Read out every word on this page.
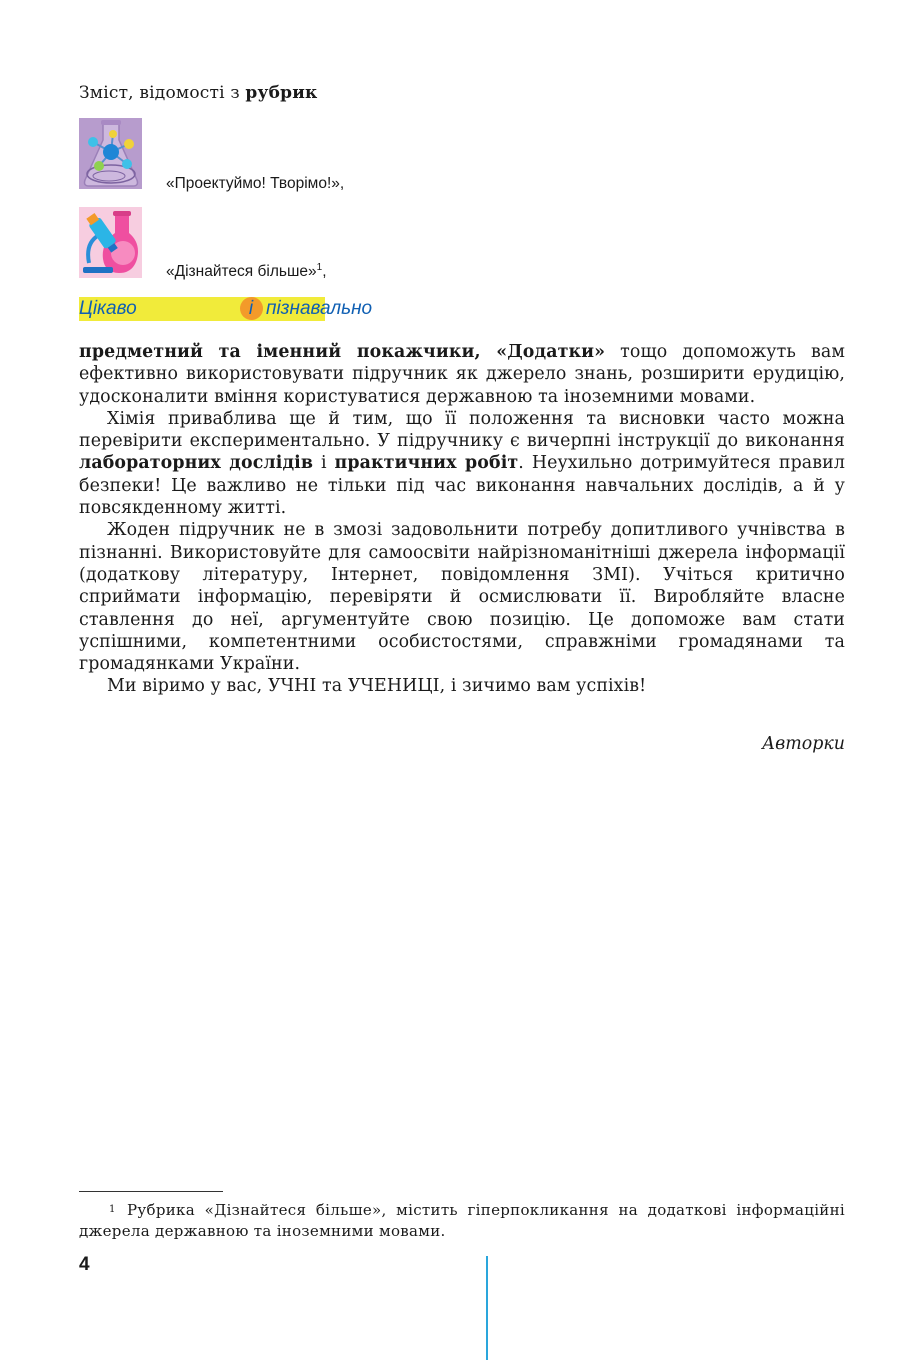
Зміст, відомості з рубрик
«Проектуймо! Творімо!»,
«Дізнайтеся більше»$^1$,
Цікаво	і пізнавально

предметний та іменний покажчики, «Додатки» тощо допоможуть вам ефективно використовувати підручник як джерело знань, розширити ерудицію, удосконалити вміння користуватися державною та іноземними мовами.

Хімія приваблива ще й тим, що її положення та висновки часто можна перевірити експериментально. У підручнику є вичерпні інструкції до виконання лабораторних дослідів і практичних робіт. Неухильно дотримуйтеся правил безпеки! Це важливо не тільки під час виконання навчальних дослідів, а й у повсякденному житті.

Жоден підручник не в змозі задовольнити потребу допитливого учнівства в пізнанні. Використовуйте для самоосвіти найрізноманітніші джерела інформації (додаткову літературу, Інтернет, повідомлення ЗМІ). Учіться критично сприймати інформацію, перевіряти й осмислювати її. Виробляйте власне ставлення до неї, аргументуйте свою позицію. Це допоможе вам стати успішними, компетентними особистостями, справжніми громадянами та громадянками України.

Ми віримо у вас, УЧНІ та УЧЕНИЦІ, і зичимо вам успіхів!

Авторки
1 Рубрика «Дізнайтеся більше», містить гіперпокликання на додаткові інформаційні джерела державною та іноземними мовами.
4
